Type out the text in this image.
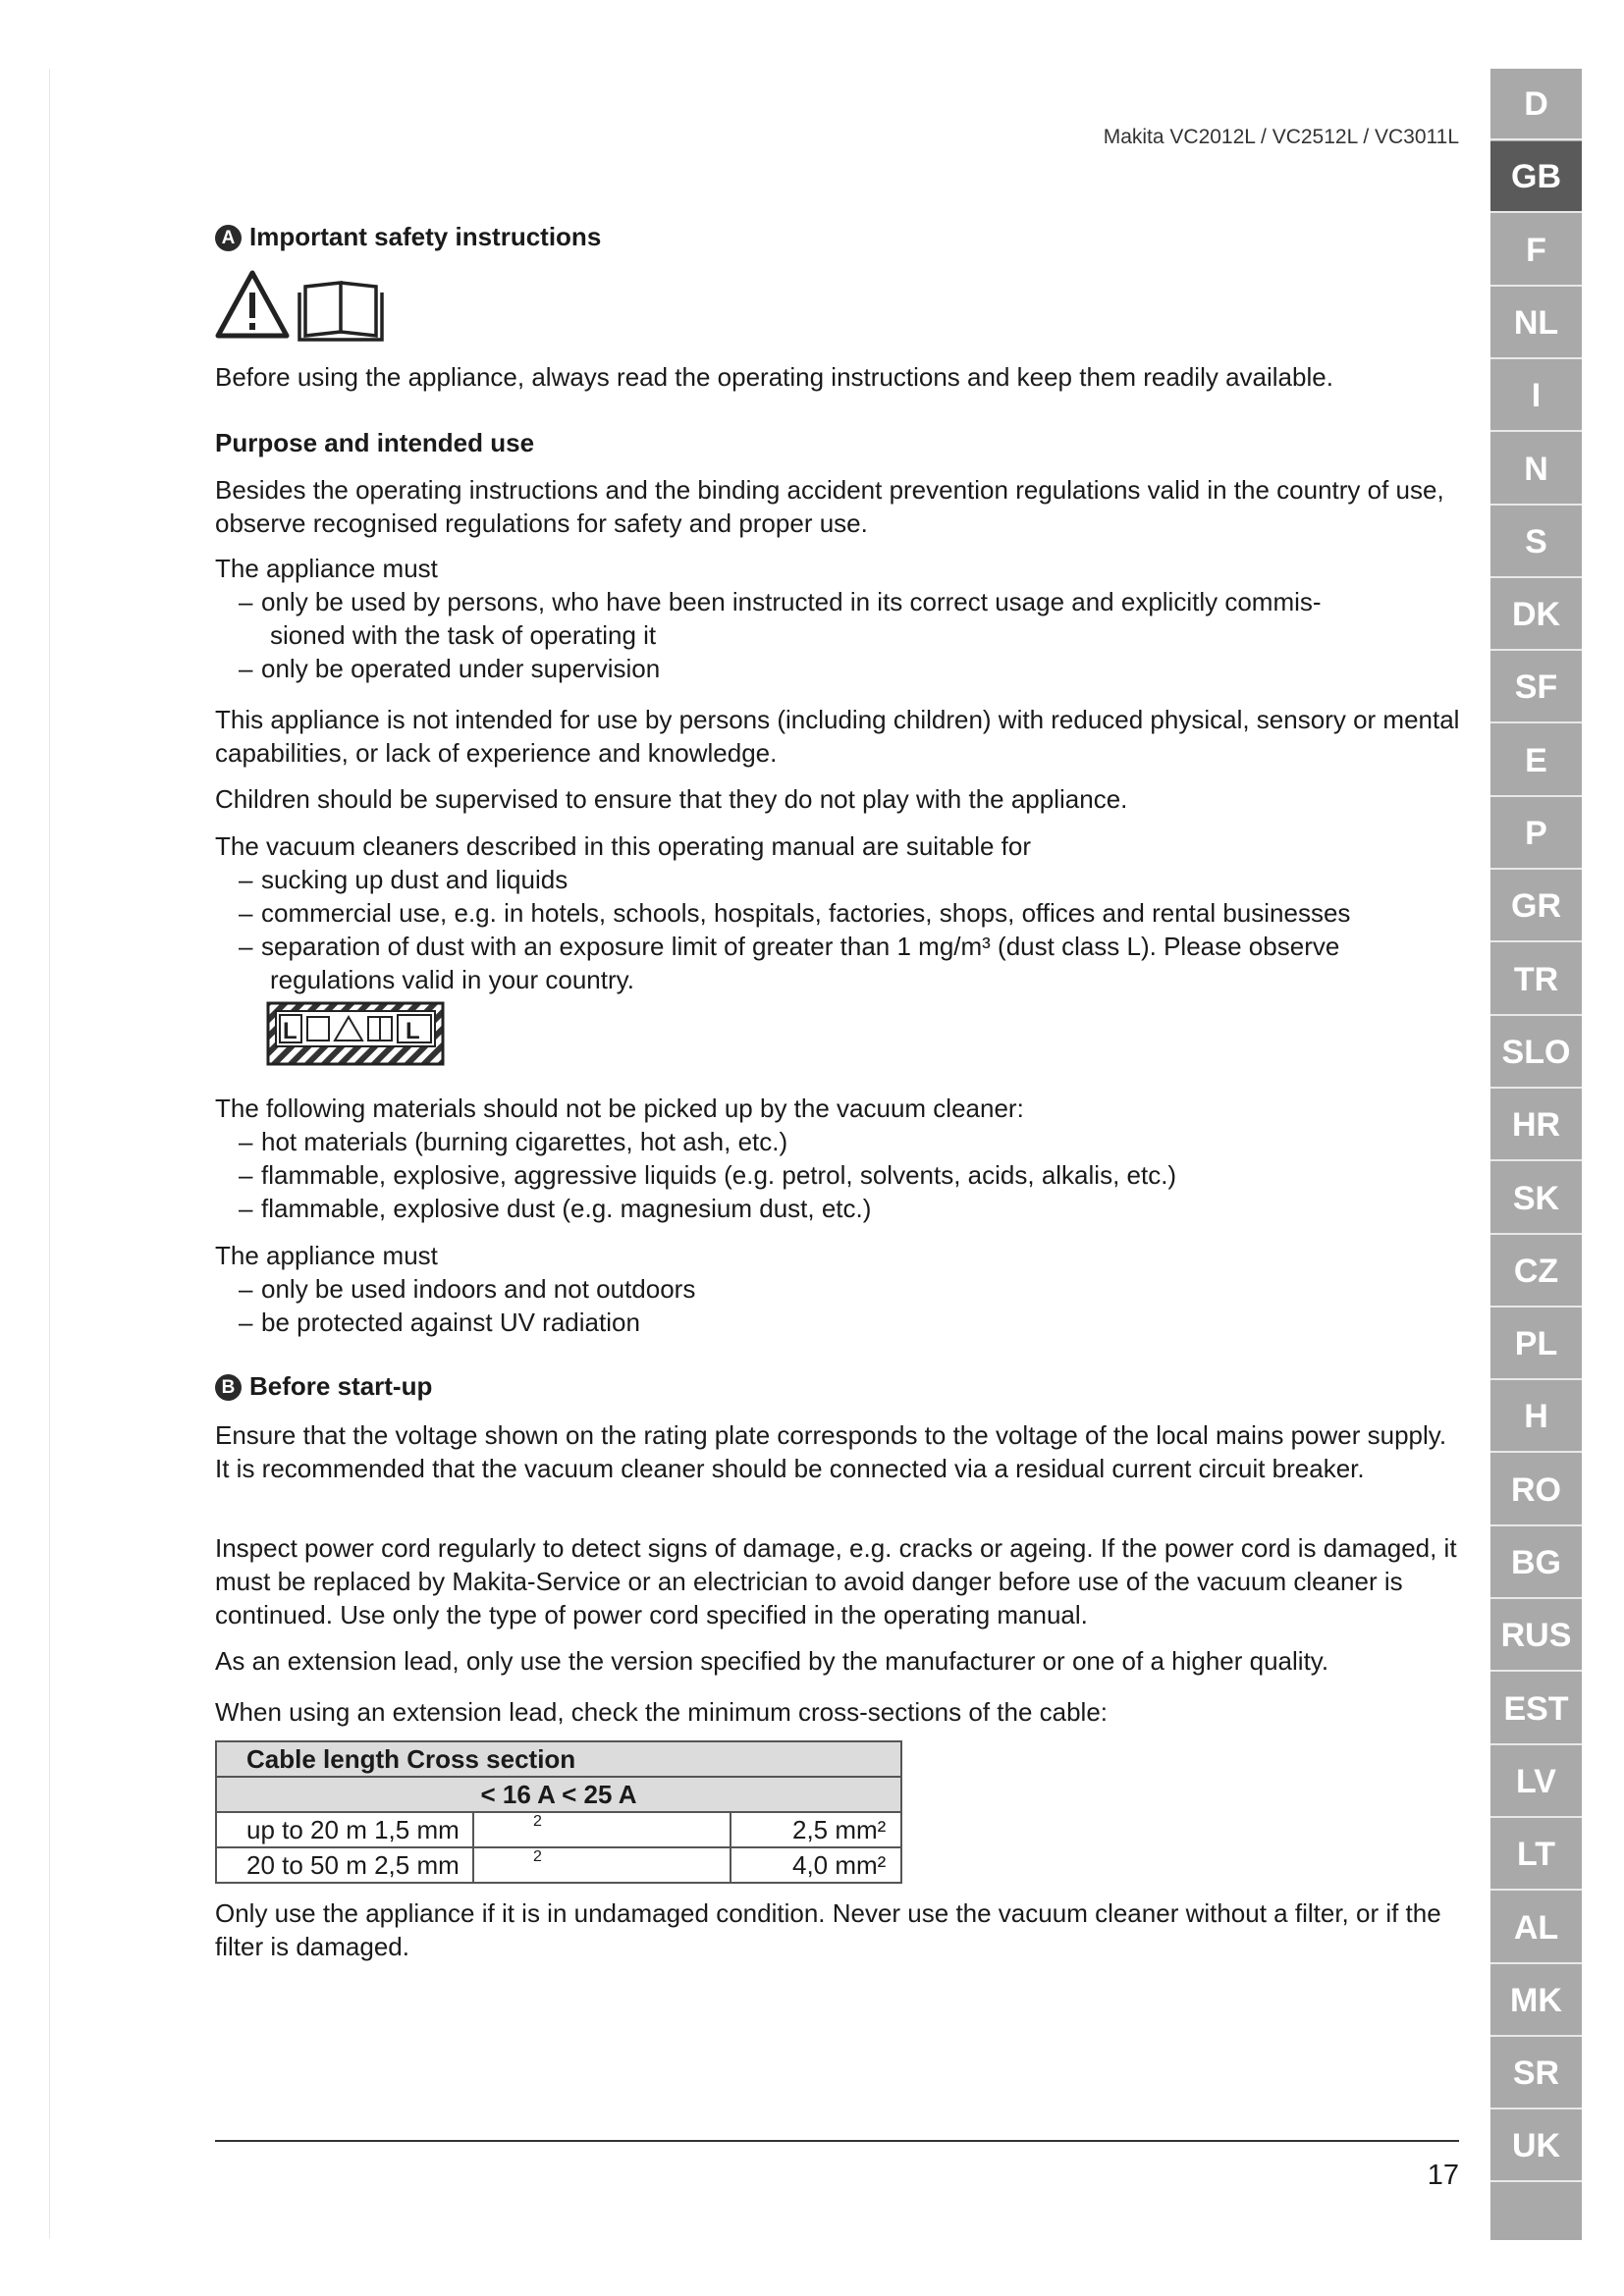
Makita VC2012L / VC2512L / VC3011L
A Important safety instructions
Before using the appliance, always read the operating instructions and keep them readily available.
Purpose and intended use
Besides the operating instructions and the binding accident prevention regulations valid in the country of use, observe recognised regulations for safety and proper use.
The appliance must
– only be used by persons, who have been instructed in its correct usage and explicitly commis-
sioned with the task of operating it
– only be operated under supervision
This appliance is not intended for use by persons (including children) with reduced physical, sensory or mental capabilities, or lack of experience and knowledge.
Children should be supervised to ensure that they do not play with the appliance.
The vacuum cleaners described in this operating manual are suitable for
– sucking up dust and liquids
– commercial use, e.g. in hotels, schools, hospitals, factories, shops, offices and rental businesses
– separation of dust with an exposure limit of greater than 1 mg/m³ (dust class L). Please observe
regulations valid in your country.
L	L
The following materials should not be picked up by the vacuum cleaner:
– hot materials (burning cigarettes, hot ash, etc.)
– flammable, explosive, aggressive liquids (e.g. petrol, solvents, acids, alkalis, etc.)
– flammable, explosive dust (e.g. magnesium dust, etc.)
The appliance must
– only be used indoors and not outdoors
– be protected against UV radiation
B Before start-up
Ensure that the voltage shown on the rating plate corresponds to the voltage of the local mains power supply. It is recommended that the vacuum cleaner should be connected via a residual current circuit breaker.
Inspect power cord regularly to detect signs of damage, e.g. cracks or ageing. If the power cord is damaged, it must be replaced by Makita-Service or an electrician to avoid danger before use of the vacuum cleaner is continued. Use only the type of power cord specified in the operating manual.
As an extension lead, only use the version specified by the manufacturer or one of a higher quality.
When using an extension lead, check the minimum cross-sections of the cable:
Cable length Cross section		
< 16 A < 25 A		
up to 20 m 1,5 mm	2	2,5 mm²
20 to 50 m 2,5 mm	2	4,0 mm²
Only use the appliance if it is in undamaged condition. Never use the vacuum cleaner without a filter, or if the filter is damaged.
17
D
GB
F
NL
I
N
S
DK
SF
E
P
GR
TR
SLO
HR
SK
CZ
PL
H
RO
BG
RUS
EST
LV
LT
AL
MK
SR
UK
